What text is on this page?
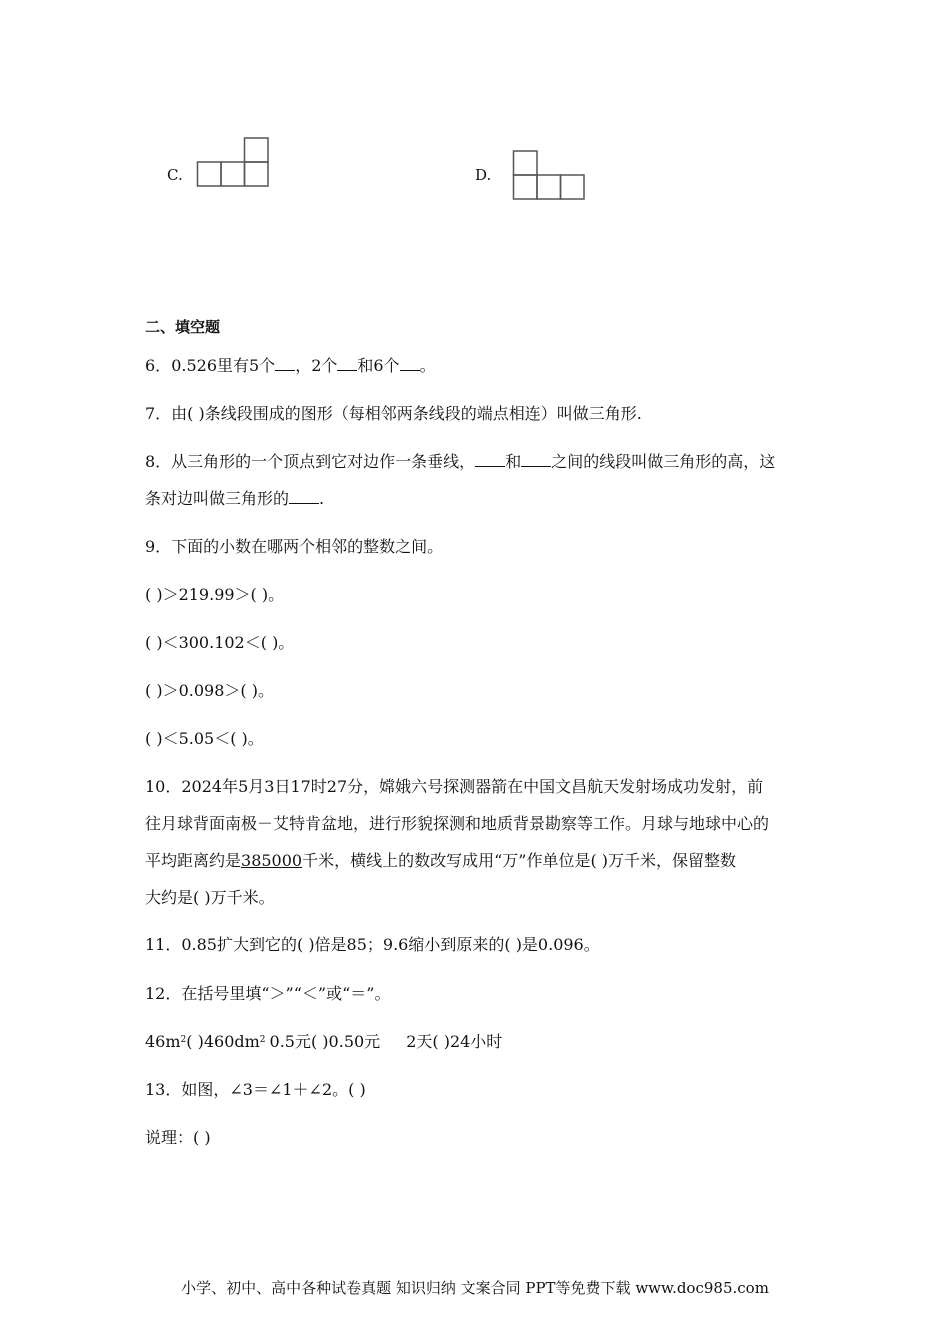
C.	D.
二、填空题
6．0.526里有5个 ，2个 和6个 。
7．由( )条线段围成的图形（每相邻两条线段的端点相连）叫做三角形.
8．从三角形的一个顶点到它对边作一条垂线， 和 之间的线段叫做三角形的高，这
条对边叫做三角形的 .
9．下面的小数在哪两个相邻的整数之间。
( )＞219.99＞( )。
( )＜300.102＜( )。
( )＞0.098＞( )。
( )＜5.05＜( )。
10．2024年5月3日17时27分，嫦娥六号探测器箭在中国文昌航天发射场成功发射，前
往月球背面南极－艾特肯盆地，进行形貌探测和地质背景勘察等工作。月球与地球中心的
平均距离约是385000千米，横线上的数改写成用“万”作单位是( )万千米，保留整数
大约是( )万千米。
11．0.85扩大到它的( )倍是85；9.6缩小到原来的( )是0.096。
12．在括号里填“＞”“＜”或“＝”。
$46m^2$( )$460dm^2$ 0.5元( )0.50元 2天( )24小时
13．如图，∠3＝∠1＋∠2。( )
说理：( )
小学、初中、高中各种试卷真题 知识归纳 文案合同 PPT等免费下载 www.doc985.com
